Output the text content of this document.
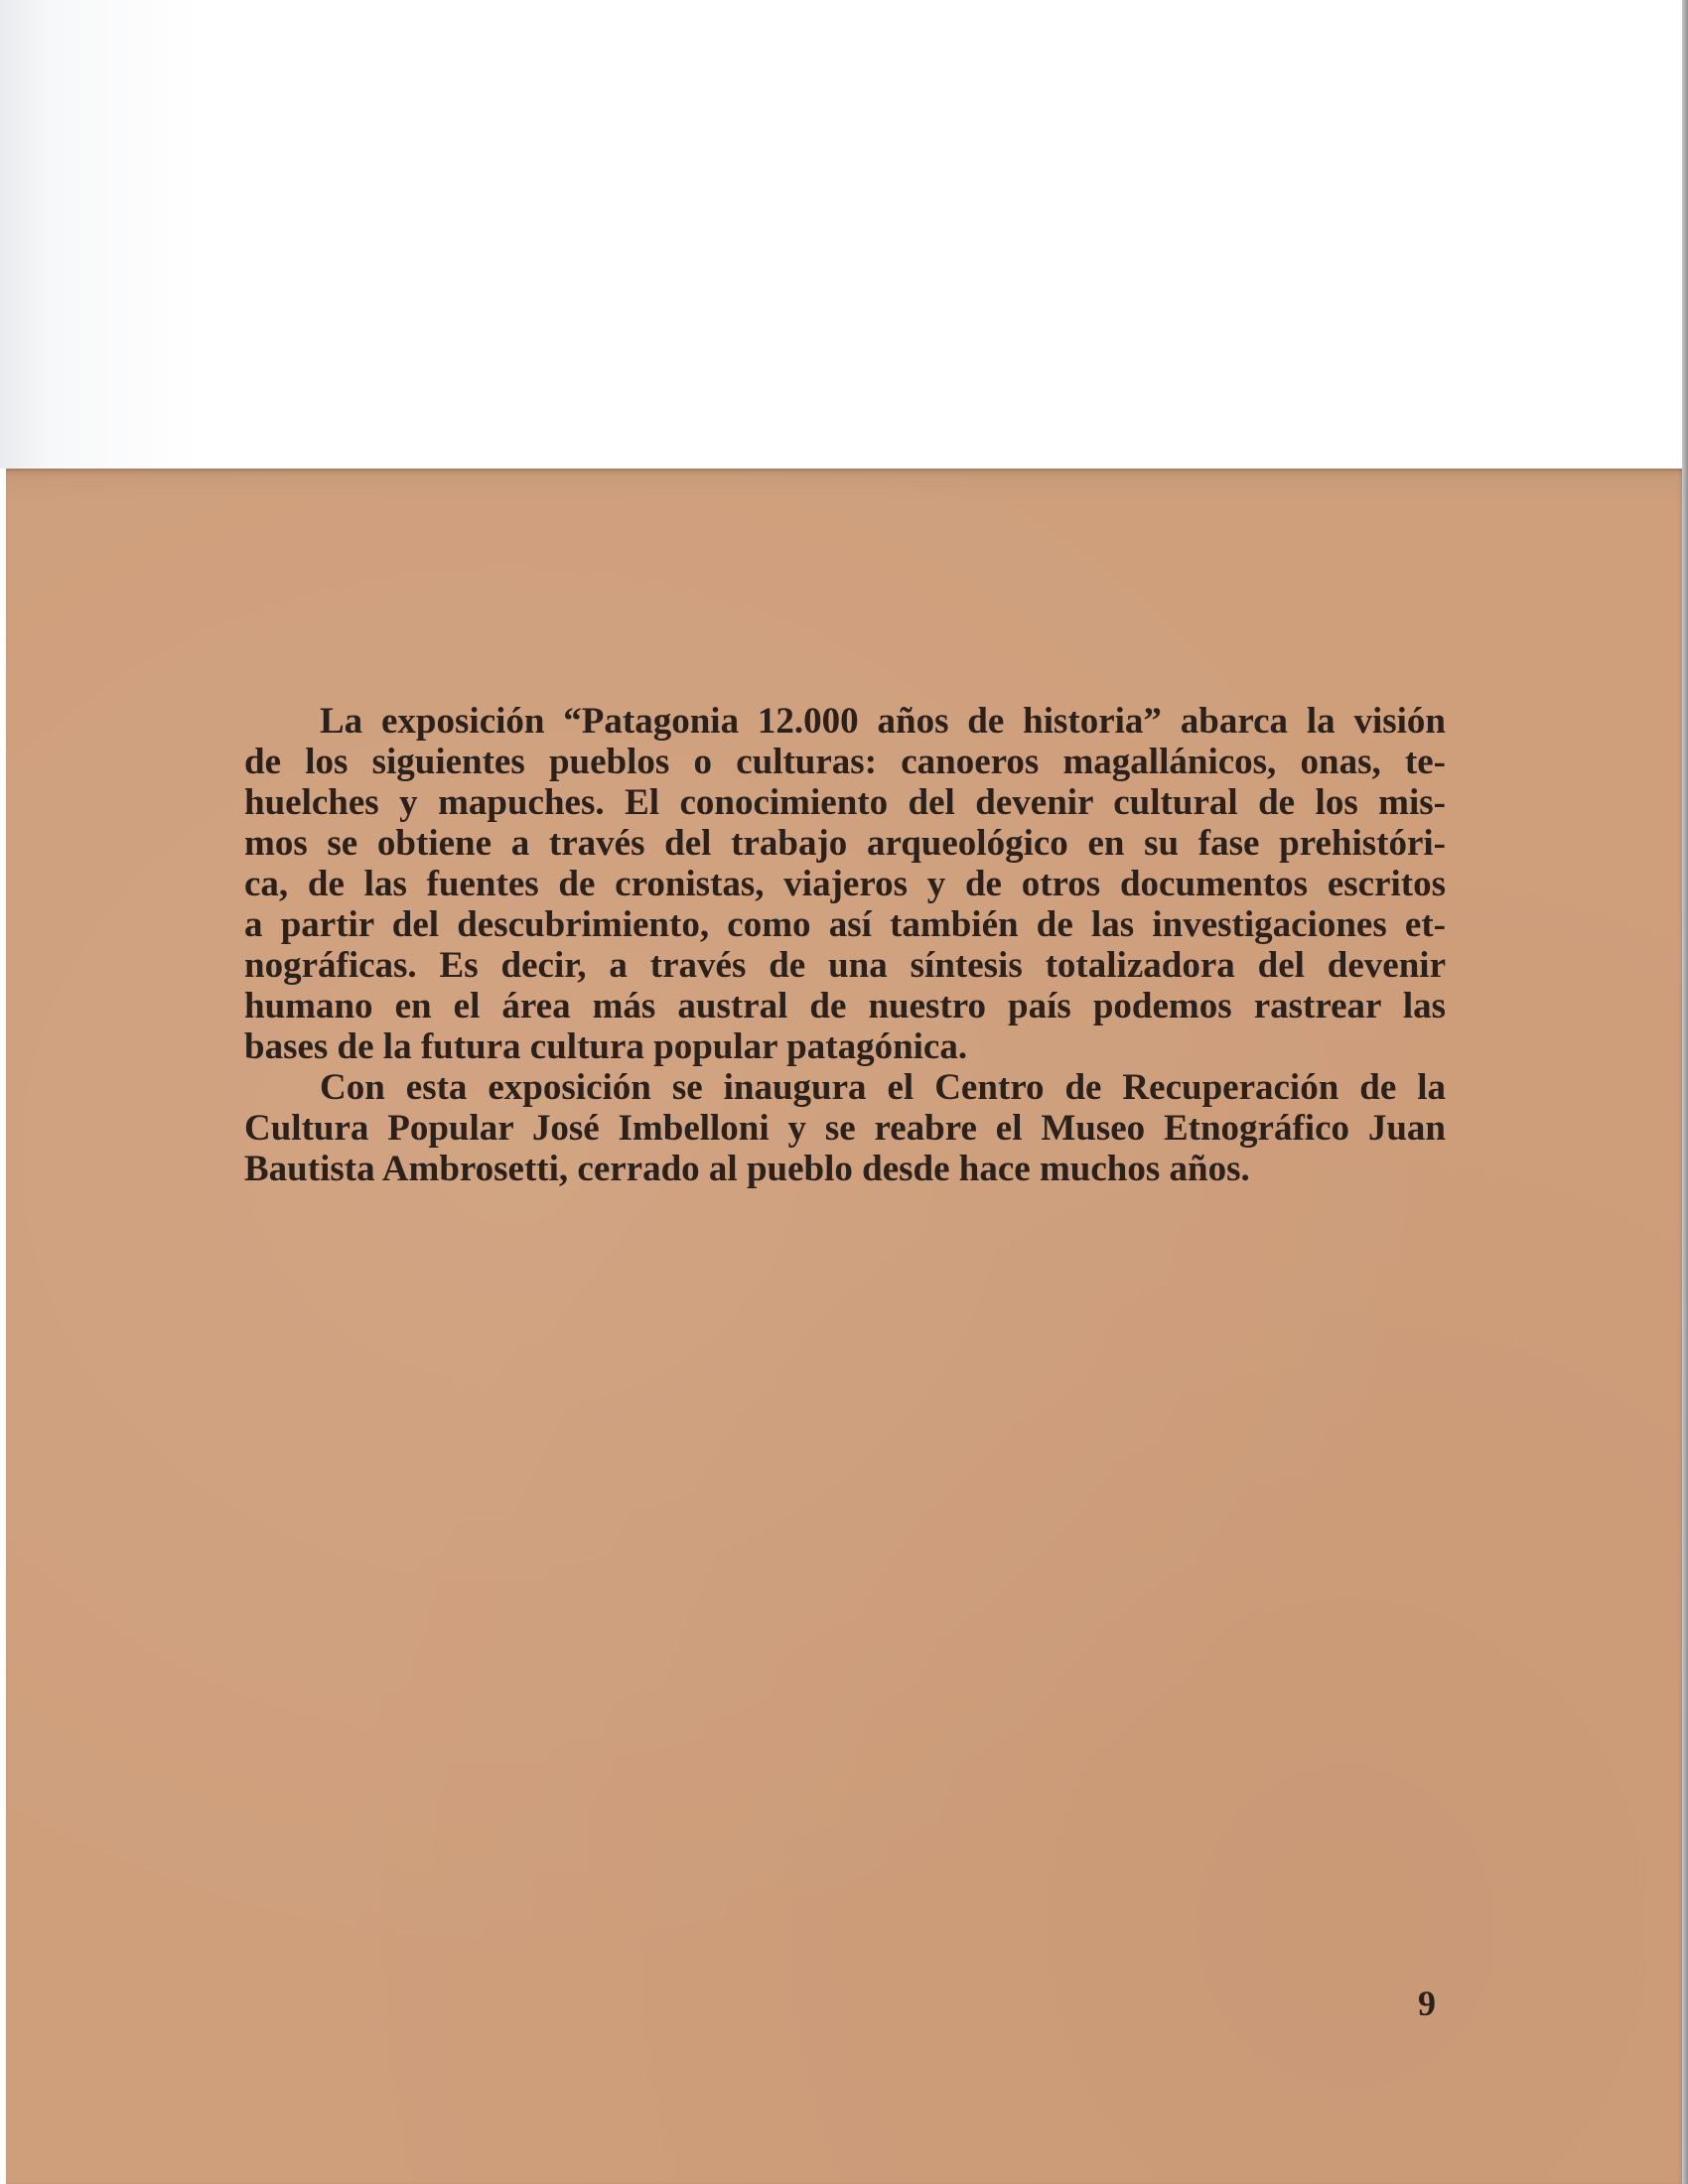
La exposición “Patagonia 12.000 años de historia” abarca la visión
de los siguientes pueblos o culturas: canoeros magallánicos, onas, te-
huelches y mapuches. El conocimiento del devenir cultural de los mis-
mos se obtiene a través del trabajo arqueológico en su fase prehistóri-
ca, de las fuentes de cronistas, viajeros y de otros documentos escritos
a partir del descubrimiento, como así también de las investigaciones et-
nográficas. Es decir, a través de una síntesis totalizadora del devenir
humano en el área más austral de nuestro país podemos rastrear las
bases de la futura cultura popular patagónica.

Con esta exposición se inaugura el Centro de Recuperación de la
Cultura Popular José Imbelloni y se reabre el Museo Etnográfico Juan
Bautista Ambrosetti, cerrado al pueblo desde hace muchos años.

9
